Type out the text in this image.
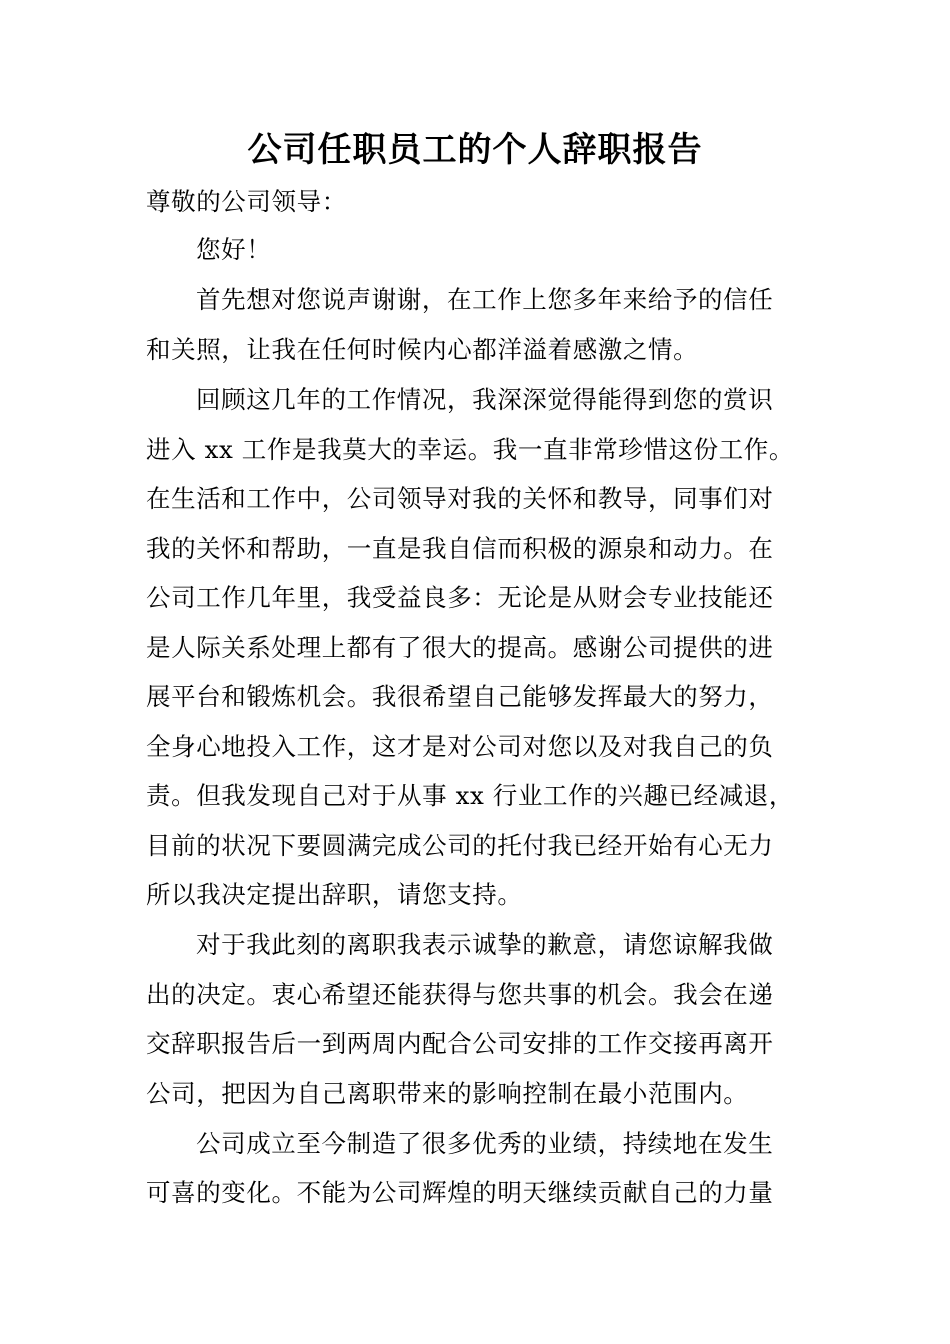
公司任职员工的个人辞职报告
尊敬的公司领导：
您好！
首先想对您说声谢谢，在工作上您多年来给予的信任
和关照，让我在任何时候内心都洋溢着感激之情。
回顾这几年的工作情况，我深深觉得能得到您的赏识
进入 xx 工作是我莫大的幸运。我一直非常珍惜这份工作。
在生活和工作中，公司领导对我的关怀和教导，同事们对
我的关怀和帮助，一直是我自信而积极的源泉和动力。在
公司工作几年里，我受益良多：无论是从财会专业技能还
是人际关系处理上都有了很大的提高。感谢公司提供的进
展平台和锻炼机会。我很希望自己能够发挥最大的努力，
全身心地投入工作，这才是对公司对您以及对我自己的负
责。但我发现自己对于从事 xx 行业工作的兴趣已经减退，
目前的状况下要圆满完成公司的托付我已经开始有心无力
所以我决定提出辞职，请您支持。
对于我此刻的离职我表示诚挚的歉意，请您谅解我做
出的决定。衷心希望还能获得与您共事的机会。我会在递
交辞职报告后一到两周内配合公司安排的工作交接再离开
公司，把因为自己离职带来的影响控制在最小范围内。
公司成立至今制造了很多优秀的业绩，持续地在发生
可喜的变化。不能为公司辉煌的明天继续贡献自己的力量
